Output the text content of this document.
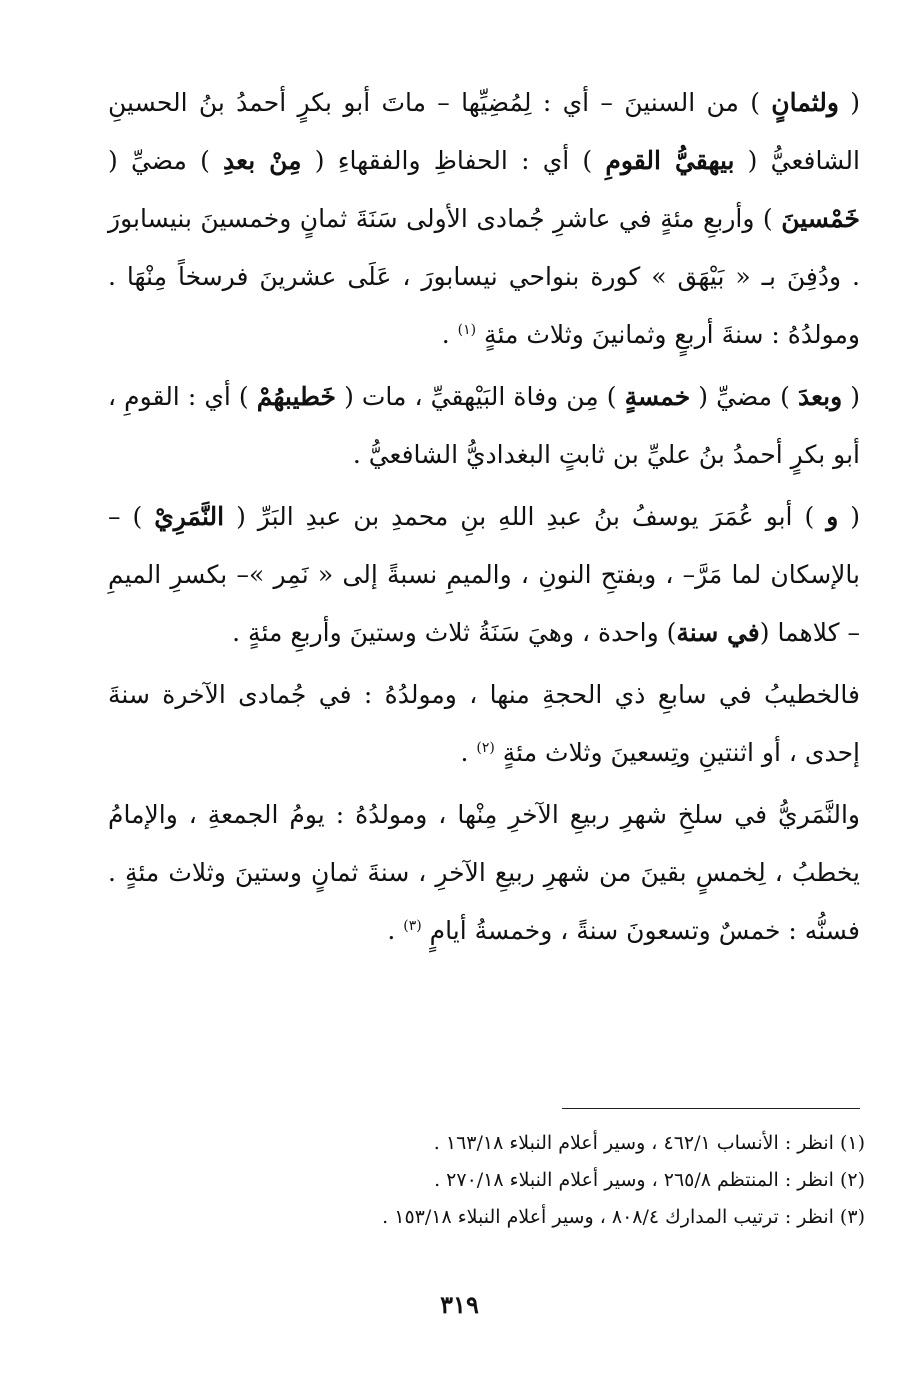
( ولثمانٍ ) من السنينَ – أي : لِمُضِيِّها – ماتَ أبو بكرٍ أحمدُ بنُ الحسينِ الشافعيُّ ( بيهقيُّ القومِ ) أي : الحفاظِ والفقهاءِ ( مِنْ بعدِ ) مضيِّ ( خَمْسينَ ) وأربعِ مئةٍ في عاشرِ جُمادى الأولى سَنَةَ ثمانٍ وخمسينَ بنيسابورَ . ودُفِنَ بـ « بَيْهَق » كورة بنواحي نيسابورَ ، عَلَى عشرينَ فرسخاً مِنْهَا . ومولدُهُ : سنةَ أربعٍ وثمانينَ وثلاث مئةٍ $^{(١)}$ .

( وبعدَ ) مضيِّ ( خمسةٍ ) مِن وفاة البَيْهقيِّ ، مات ( خَطيبهُمْ ) أي : القومِ ، أبو بكرٍ أحمدُ بنُ عليِّ بن ثابتٍ البغداديُّ الشافعيُّ .

( و ) أبو عُمَرَ يوسفُ بنُ عبدِ اللهِ بنِ محمدِ بن عبدِ البَرِّ ( النَّمَرِيْ ) –بالإسكان لما مَرَّ– ، وبفتحِ النونِ ، والميمِ نسبةً إلى « نَمِر »– بكسرِ الميمِ – كلاهما (في سنة) واحدة ، وهيَ سَنَةُ ثلاث وستينَ وأربعِ مئةٍ .

فالخطيبُ في سابعِ ذي الحجةِ منها ، ومولدُهُ : في جُمادى الآخرة سنةَ إحدى ، أو اثنتينِ وتِسعينَ وثلاث مئةٍ $^{(٢)}$ .

والنَّمَريُّ في سلخِ شهرِ ربيعِ الآخرِ مِنْها ، ومولدُهُ : يومُ الجمعةِ ، والإمامُ يخطبُ ، لِخمسٍ بقينَ من شهرِ ربيعِ الآخرِ ، سنةَ ثمانٍ وستينَ وثلاث مئةٍ . فسنُّه : خمسٌ وتسعونَ سنةً ، وخمسةُ أيامٍ $^{(٣)}$ .

(١) انظر : الأنساب ٤٦٢/١ ، وسير أعلام النبلاء ١٦٣/١٨ .
(٢) انظر : المنتظم ٢٦٥/٨ ، وسير أعلام النبلاء ٢٧٠/١٨ .
(٣) انظر : ترتيب المدارك ٨٠٨/٤ ، وسير أعلام النبلاء ١٥٣/١٨ .
٣١٩
